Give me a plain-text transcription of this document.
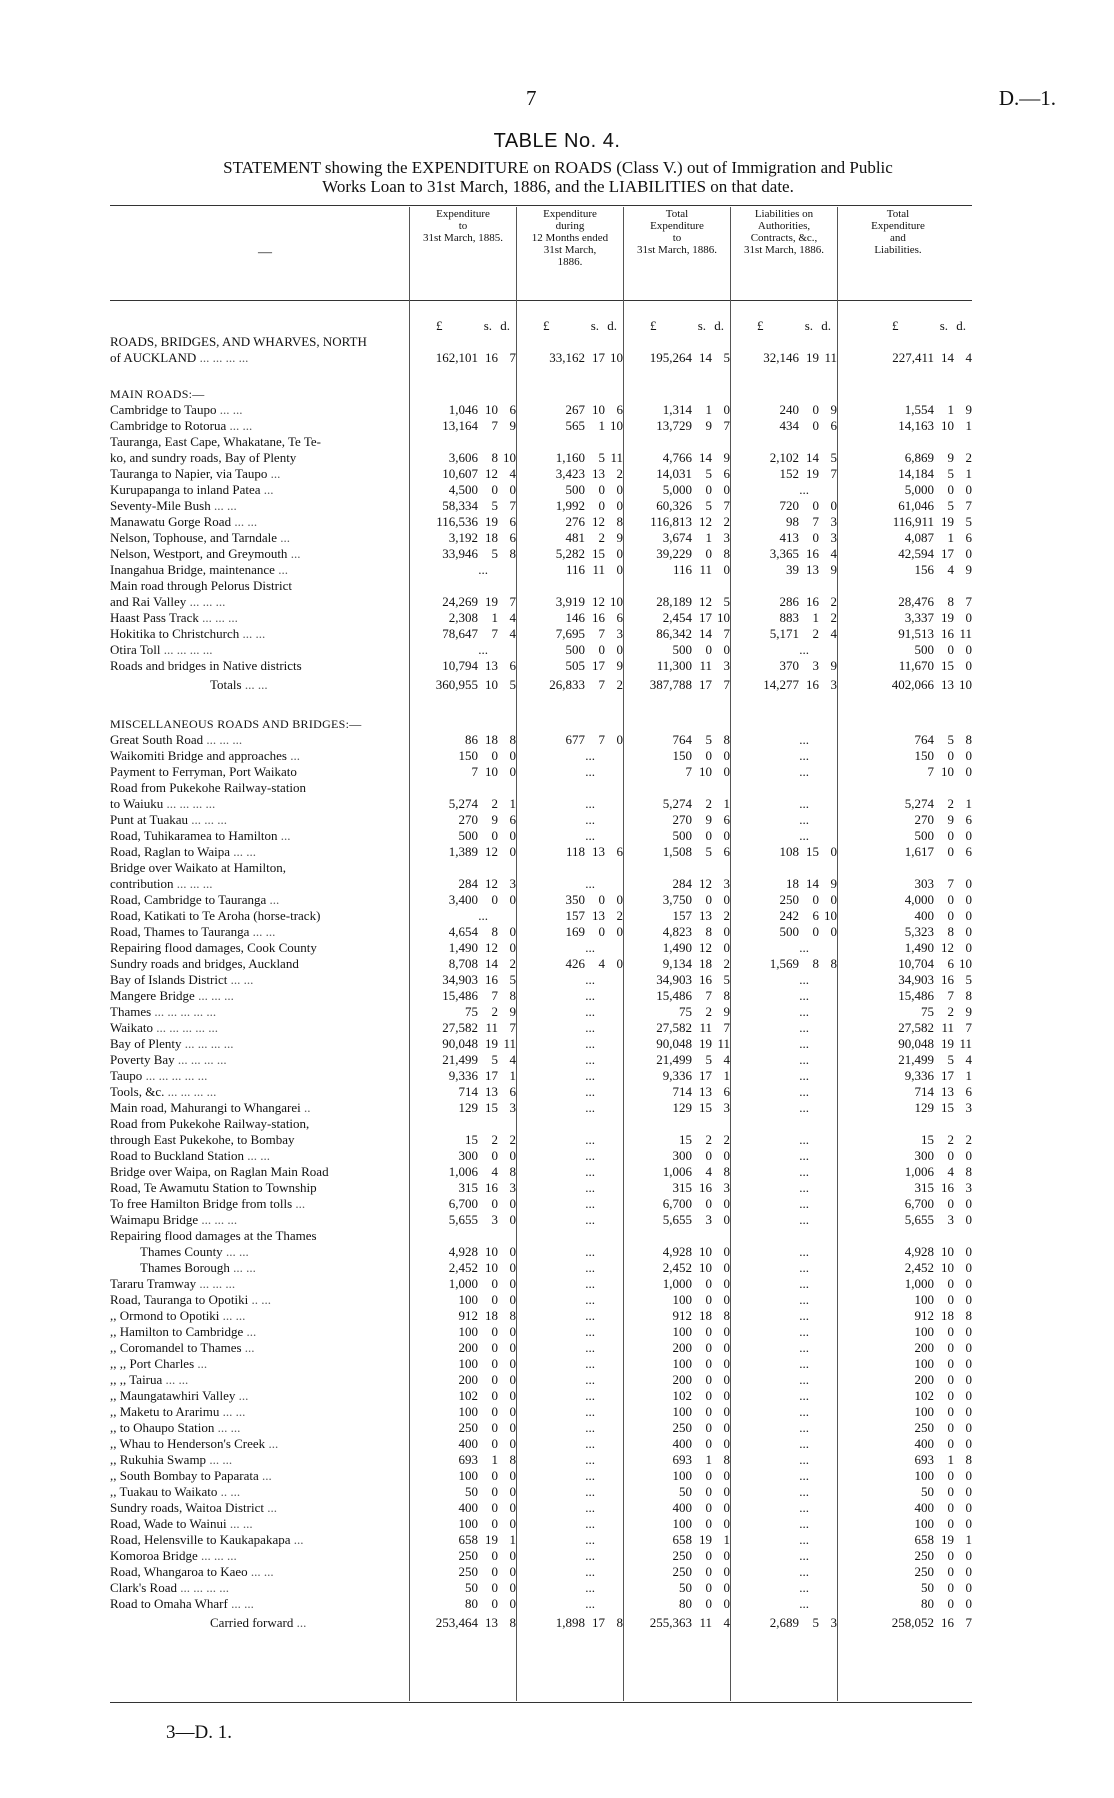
7	D.—1.
TABLE No. 4.
STATEMENT showing the EXPENDITURE on ROADS (Class V.) out of Immigration and Public
Works Loan to 31st March, 1886, and the LIABILITIES on that date.
—
Expenditure
to
31st March, 1885.
Expenditure
during
12 Months ended
31st March,
1886.
Total
Expenditure
to
31st March, 1886.
Liabilities on
Authorities,
Contracts, &c.,
31st March, 1886.
Total
Expenditure
and
Liabilities.

	£ s. d.	£ s. d.	£ s. d.	£ s. d.	£ s. d.

ROADS, BRIDGES, AND WHARVES, NORTH	

of AUCKLAND ... ... ... ...	162,101 16 7	33,162 17 10	195,264 14 5	32,146 19 11	227,411 14 4

MAIN ROADS:—	

Cambridge to Taupo ... ...	1,046 10 6	267 10 6	1,314 1 0	240 0 9	1,554 1 9

Cambridge to Rotorua ... ...	13,164 7 9	565 1 10	13,729 9 7	434 0 6	14,163 10 1

Tauranga, East Cape, Whakatane, Te Te-	

ko, and sundry roads, Bay of Plenty	3,606 8 10	1,160 5 11	4,766 14 9	2,102 14 5	6,869 9 2

Tauranga to Napier, via Taupo ...	10,607 12 4	3,423 13 2	14,031 5 6	152 19 7	14,184 5 1

Kurupapanga to inland Patea ...	4,500 0 0	500 0 0	5,000 0 0	...	5,000 0 0

Seventy-Mile Bush ... ...	58,334 5 7	1,992 0 0	60,326 5 7	720 0 0	61,046 5 7

Manawatu Gorge Road ... ...	116,536 19 6	276 12 8	116,813 12 2	98 7 3	116,911 19 5

Nelson, Tophouse, and Tarndale ...	3,192 18 6	481 2 9	3,674 1 3	413 0 3	4,087 1 6

Nelson, Westport, and Greymouth ...	33,946 5 8	5,282 15 0	39,229 0 8	3,365 16 4	42,594 17 0

Inangahua Bridge, maintenance ...	...	116 11 0	116 11 0	39 13 9	156 4 9

Main road through Pelorus District	

and Rai Valley ... ... ...	24,269 19 7	3,919 12 10	28,189 12 5	286 16 2	28,476 8 7

Haast Pass Track ... ... ...	2,308 1 4	146 16 6	2,454 17 10	883 1 2	3,337 19 0

Hokitika to Christchurch ... ...	78,647 7 4	7,695 7 3	86,342 14 7	5,171 2 4	91,513 16 11

Otira Toll ... ... ... ...	...	500 0 0	500 0 0	...	500 0 0

Roads and bridges in Native districts	10,794 13 6	505 17 9	11,300 11 3	370 3 9	11,670 15 0

Totals ... ...	360,955 10 5	26,833 7 2	387,788 17 7	14,277 16 3	402,066 13 10

MISCELLANEOUS ROADS AND BRIDGES:—	

Great South Road ... ... ...	86 18 8	677 7 0	764 5 8	...	764 5 8

Waikomiti Bridge and approaches ...	150 0 0	...	150 0 0	...	150 0 0

Payment to Ferryman, Port Waikato	7 10 0	...	7 10 0	...	7 10 0

Road from Pukekohe Railway-station	

to Waiuku ... ... ... ...	5,274 2 1	...	5,274 2 1	...	5,274 2 1

Punt at Tuakau ... ... ...	270 9 6	...	270 9 6	...	270 9 6

Road, Tuhikaramea to Hamilton ...	500 0 0	...	500 0 0	...	500 0 0

Road, Raglan to Waipa ... ...	1,389 12 0	118 13 6	1,508 5 6	108 15 0	1,617 0 6

Bridge over Waikato at Hamilton,	

contribution ... ... ...	284 12 3	...	284 12 3	18 14 9	303 7 0

Road, Cambridge to Tauranga ...	3,400 0 0	350 0 0	3,750 0 0	250 0 0	4,000 0 0

Road, Katikati to Te Aroha (horse-track)	...	157 13 2	157 13 2	242 6 10	400 0 0

Road, Thames to Tauranga ... ...	4,654 8 0	169 0 0	4,823 8 0	500 0 0	5,323 8 0

Repairing flood damages, Cook County	1,490 12 0	...	1,490 12 0	...	1,490 12 0

Sundry roads and bridges, Auckland	8,708 14 2	426 4 0	9,134 18 2	1,569 8 8	10,704 6 10

Bay of Islands District ... ...	34,903 16 5	...	34,903 16 5	...	34,903 16 5

Mangere Bridge ... ... ...	15,486 7 8	...	15,486 7 8	...	15,486 7 8

Thames ... ... ... ... ...	75 2 9	...	75 2 9	...	75 2 9

Waikato ... ... ... ... ...	27,582 11 7	...	27,582 11 7	...	27,582 11 7

Bay of Plenty ... ... ... ...	90,048 19 11	...	90,048 19 11	...	90,048 19 11

Poverty Bay ... ... ... ...	21,499 5 4	...	21,499 5 4	...	21,499 5 4

Taupo ... ... ... ... ...	9,336 17 1	...	9,336 17 1	...	9,336 17 1

Tools, &c. ... ... ... ...	714 13 6	...	714 13 6	...	714 13 6

Main road, Mahurangi to Whangarei ..	129 15 3	...	129 15 3	...	129 15 3

Road from Pukekohe Railway-station,	

through East Pukekohe, to Bombay	15 2 2	...	15 2 2	...	15 2 2

Road to Buckland Station ... ...	300 0 0	...	300 0 0	...	300 0 0

Bridge over Waipa, on Raglan Main Road	1,006 4 8	...	1,006 4 8	...	1,006 4 8

Road, Te Awamutu Station to Township	315 16 3	...	315 16 3	...	315 16 3

To free Hamilton Bridge from tolls ...	6,700 0 0	...	6,700 0 0	...	6,700 0 0

Waimapu Bridge ... ... ...	5,655 3 0	...	5,655 3 0	...	5,655 3 0

Repairing flood damages at the Thames	

Thames County ... ...	4,928 10 0	...	4,928 10 0	...	4,928 10 0

Thames Borough ... ...	2,452 10 0	...	2,452 10 0	...	2,452 10 0

Tararu Tramway ... ... ...	1,000 0 0	...	1,000 0 0	...	1,000 0 0

Road, Tauranga to Opotiki .. ...	100 0 0	...	100 0 0	...	100 0 0

,, Ormond to Opotiki ... ...	912 18 8	...	912 18 8	...	912 18 8

,, Hamilton to Cambridge ...	100 0 0	...	100 0 0	...	100 0 0

,, Coromandel to Thames ...	200 0 0	...	200 0 0	...	200 0 0

,, ,, Port Charles ...	100 0 0	...	100 0 0	...	100 0 0

,, ,, Tairua ... ...	200 0 0	...	200 0 0	...	200 0 0

,, Maungatawhiri Valley ...	102 0 0	...	102 0 0	...	102 0 0

,, Maketu to Ararimu ... ...	100 0 0	...	100 0 0	...	100 0 0

,, to Ohaupo Station ... ...	250 0 0	...	250 0 0	...	250 0 0

,, Whau to Henderson's Creek ...	400 0 0	...	400 0 0	...	400 0 0

,, Rukuhia Swamp ... ...	693 1 8	...	693 1 8	...	693 1 8

,, South Bombay to Paparata ...	100 0 0	...	100 0 0	...	100 0 0

,, Tuakau to Waikato .. ...	50 0 0	...	50 0 0	...	50 0 0

Sundry roads, Waitoa District ...	400 0 0	...	400 0 0	...	400 0 0

Road, Wade to Wainui ... ...	100 0 0	...	100 0 0	...	100 0 0

Road, Helensville to Kaukapakapa ...	658 19 1	...	658 19 1	...	658 19 1

Komoroa Bridge ... ... ...	250 0 0	...	250 0 0	...	250 0 0

Road, Whangaroa to Kaeo ... ...	250 0 0	...	250 0 0	...	250 0 0

Clark's Road ... ... ... ...	50 0 0	...	50 0 0	...	50 0 0

Road to Omaha Wharf ... ...	80 0 0	...	80 0 0	...	80 0 0

Carried forward ...	253,464 13 8	1,898 17 8	255,363 11 4	2,689 5 3	258,052 16 7
3—D. 1.
